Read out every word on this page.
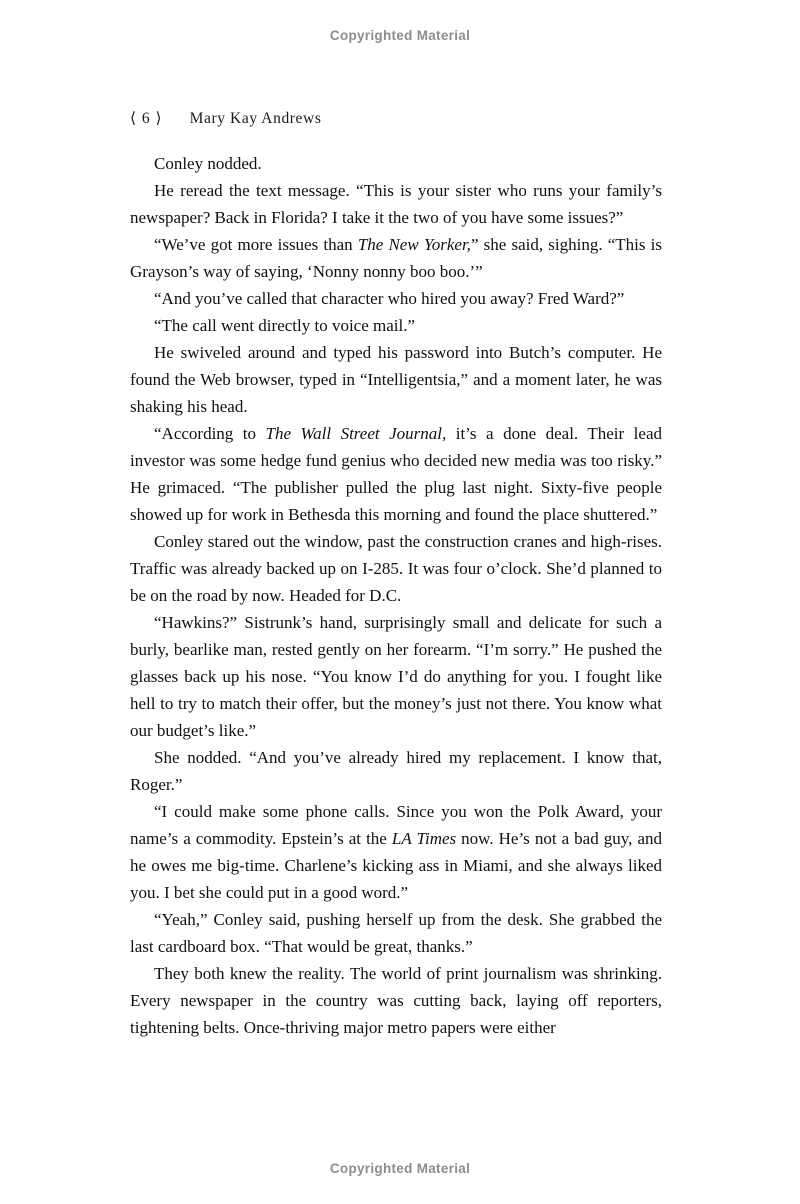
Copyrighted Material
⟨ 6 ⟩ Mary Kay Andrews

Conley nodded.

He reread the text message. “This is your sister who runs your family’s newspaper? Back in Florida? I take it the two of you have some issues?”

“We’ve got more issues than The New Yorker,” she said, sighing. “This is Grayson’s way of saying, ‘Nonny nonny boo boo.’”

“And you’ve called that character who hired you away? Fred Ward?”

“The call went directly to voice mail.”

He swiveled around and typed his password into Butch’s computer. He found the Web browser, typed in “Intelligentsia,” and a moment later, he was shaking his head.

“According to The Wall Street Journal, it’s a done deal. Their lead investor was some hedge fund genius who decided new media was too risky.” He grimaced. “The publisher pulled the plug last night. Sixty-five people showed up for work in Bethesda this morning and found the place shuttered.”

Conley stared out the window, past the construction cranes and high-rises. Traffic was already backed up on I-285. It was four o’clock. She’d planned to be on the road by now. Headed for D.C.

“Hawkins?” Sistrunk’s hand, surprisingly small and delicate for such a burly, bearlike man, rested gently on her forearm. “I’m sorry.” He pushed the glasses back up his nose. “You know I’d do anything for you. I fought like hell to try to match their offer, but the money’s just not there. You know what our budget’s like.”

She nodded. “And you’ve already hired my replacement. I know that, Roger.”

“I could make some phone calls. Since you won the Polk Award, your name’s a commodity. Epstein’s at the LA Times now. He’s not a bad guy, and he owes me big-time. Charlene’s kicking ass in Miami, and she always liked you. I bet she could put in a good word.”

“Yeah,” Conley said, pushing herself up from the desk. She grabbed the last cardboard box. “That would be great, thanks.”

They both knew the reality. The world of print journalism was shrinking. Every newspaper in the country was cutting back, laying off reporters, tightening belts. Once-thriving major metro papers were either

Copyrighted Material
